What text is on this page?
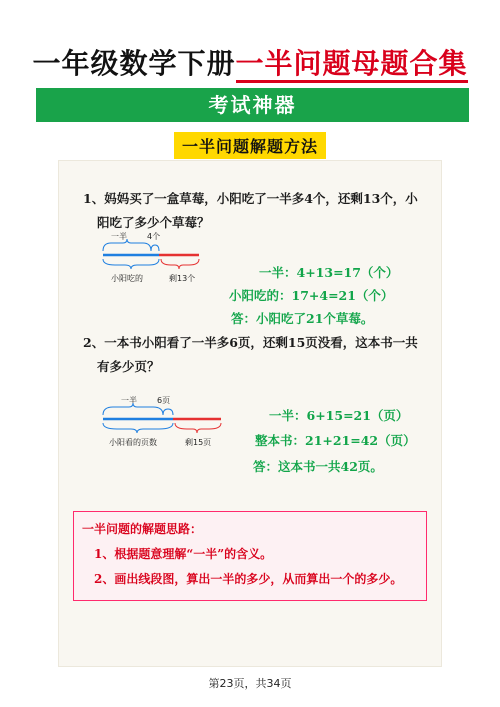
一年级数学下册一半问题母题合集
考试神器
一半问题解题方法
1、妈妈买了一盒草莓，小阳吃了一半多4个，还剩13个，小
阳吃了多少个草莓？
一半	4个
小阳吃的	剩13个	一半：4+13=17（个）
小阳吃的：17+4=21（个）
答：小阳吃了21个草莓。
2、一本书小阳看了一半多6页，还剩15页没看，这本书一共
有多少页？
一半	6页
小阳看的页数	剩15页
一半：6+15=21（页）
整本书：21+21=42（页）
答：这本书一共42页。
一半问题的解题思路：
1、根据题意理解“一半”的含义。
2、画出线段图，算出一半的多少，从而算出一个的多少。
第23页，共34页
